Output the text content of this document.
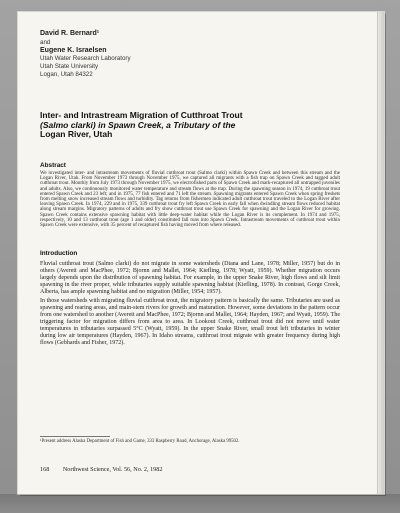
David R. Bernard¹
and
Eugene K. Israelsen
Utah Water Research Laboratory
Utah State University
Logan, Utah 84322
Inter- and Intrastream Migration of Cutthroat Trout
(Salmo clarki) in Spawn Creek, a Tributary of the
Logan River, Utah
Abstract
We investigated inter- and intrastream movements of fluvial cutthroat trout (Salmo clarki) within Spawn Creek and between this stream and the Logan River, Utah. From November 1973 through November 1975, we captured all migrants with a fish trap on Spawn Creek and tagged adult cutthroat trout. Monthly from July 1973 through November 1975, we electrofished parts of Spawn Creek and mark-recaptured all untrapped juveniles and adults. Also, we continuously monitored water temperature and stream flows at the trap. During the spawning season in 1974, 19 cutthroat trout entered Spawn Creek and 23 left; and in 1975, 77 fish entered and 71 left the stream. Spawning migrants entered Spawn Creek when spring freshets from melting snow increased stream flows and turbidity. Tag returns from fishermen indicated adult cutthroat trout traveled to the Logan River after leaving Spawn Creek. In 1974, 229 and in 1975, 339 cutthroat trout fry left Spawn Creek in early fall when dwindling stream flows reduced habitat along stream margins. Migratory patterns of adults and fry show cutthroat trout use Spawn Creek for spawning and the Logan River for growing. Spawn Creek contains extensive spawning habitat with little deep-water habitat while the Logan River is its complement. In 1974 and 1975, respectively, 10 and 13 cutthroat trout (age 1 and older) constituted fall runs into Spawn Creek. Intrastream movements of cutthroat trout within Spawn Creek were extensive, with 35 percent of recaptured fish having moved from where released.
Introduction

Fluvial cutthroat trout (Salmo clarki) do not migrate in some watersheds (Diana and Lane, 1978; Miller, 1957) but do in others (Averett and MacPhee, 1972; Bjornn and Mallet, 1964; Kiefling, 1978; Wyatt, 1959). Whether migration occurs largely depends upon the distribution of spawning habitat. For example, in the upper Snake River, high flows and silt limit spawning in the river proper, while tributaries supply suitable spawning habitat (Kiefling, 1978). In contrast, Gorge Creek, Alberta, has ample spawning habitat and no migration (Miller, 1954; 1957).

In those watersheds with migrating fluvial cutthroat trout, the migratory pattern is basically the same. Tributaries are used as spawning and rearing areas, and main-stem rivers for growth and maturation. However, some deviations in the pattern occur from one watershed to another (Averett and MacPhee, 1972; Bjornn and Mallet, 1964; Hayden, 1967; and Wyatt, 1959). The triggering factor for migration differs from area to area. In Lookout Creek, cutthroat trout did not move until water temperatures in tributaries surpassed 5°C (Wyatt, 1959). In the upper Snake River, small trout left tributaries in winter during low air temperatures (Hayden, 1967). In Idaho streams, cutthroat trout migrate with greater frequency during high flows (Gebhards and Fisher, 1972).

¹Present address Alaska Department of Fish and Game, 333 Raspberry Road, Anchorage, Alaska 99502.
168 Northwest Science, Vol. 56, No. 2, 1982
